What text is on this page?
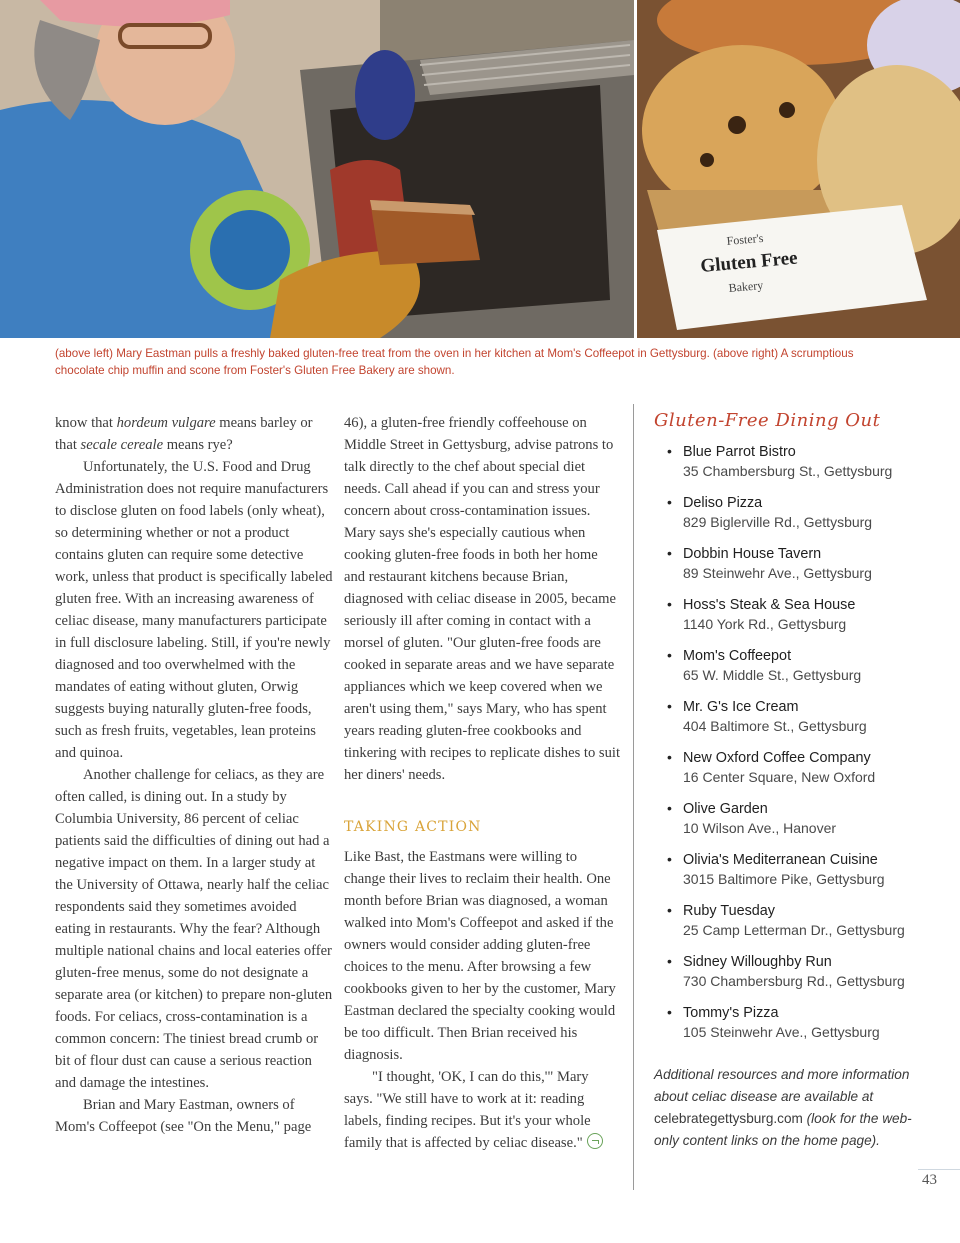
Foster's
Gluten Free
Bakery
(above left) Mary Eastman pulls a freshly baked gluten-free treat from the oven in her kitchen at Mom's Coffeepot in Gettysburg. (above right) A scrumptious chocolate chip muffin and scone from Foster's Gluten Free Bakery are shown.

know that hordeum vulgare means barley or that secale cereale means rye?

Unfortunately, the U.S. Food and Drug Administration does not require manufacturers to disclose gluten on food labels (only wheat), so determining whether or not a product contains gluten can require some detective work, unless that product is specifically labeled gluten free. With an increasing awareness of celiac disease, many manufacturers participate in full disclosure labeling. Still, if you're newly diagnosed and too overwhelmed with the mandates of eating without gluten, Orwig suggests buying naturally gluten-free foods, such as fresh fruits, vegetables, lean proteins and quinoa.

Another challenge for celiacs, as they are often called, is dining out. In a study by Columbia University, 86 percent of celiac patients said the difficulties of dining out had a negative impact on them. In a larger study at the University of Ottawa, nearly half the celiac respondents said they sometimes avoided eating in restaurants. Why the fear? Although multiple national chains and local eateries offer gluten-free menus, some do not designate a separate area (or kitchen) to prepare non-gluten foods. For celiacs, cross-contamination is a common concern: The tiniest bread crumb or bit of flour dust can cause a serious reaction and damage the intestines.

Brian and Mary Eastman, owners of Mom's Coffeepot (see "On the Menu," page

46), a gluten-free friendly coffeehouse on Middle Street in Gettysburg, advise patrons to talk directly to the chef about special diet needs. Call ahead if you can and stress your concern about cross-contamination issues. Mary says she's especially cautious when cooking gluten-free foods in both her home and restaurant kitchens because Brian, diagnosed with celiac disease in 2005, became seriously ill after coming in contact with a morsel of gluten. "Our gluten-free foods are cooked in separate areas and we have separate appliances which we keep covered when we aren't using them," says Mary, who has spent years reading gluten-free cookbooks and tinkering with recipes to replicate dishes to suit her diners' needs.

TAKING ACTION

Like Bast, the Eastmans were willing to change their lives to reclaim their health. One month before Brian was diagnosed, a woman walked into Mom's Coffeepot and asked if the owners would consider adding gluten-free choices to the menu. After browsing a few cookbooks given to her by the customer, Mary Eastman declared the specialty cooking would be too difficult. Then Brian received his diagnosis.

"I thought, 'OK, I can do this,'" Mary says. "We still have to work at it: reading labels, finding recipes. But it's your whole family that is affected by celiac disease."

Gluten-Free Dining Out
• Blue Parrot Bistro
35 Chambersburg St., Gettysburg
• Deliso Pizza
829 Biglerville Rd., Gettysburg
• Dobbin House Tavern
89 Steinwehr Ave., Gettysburg
• Hoss's Steak & Sea House
1140 York Rd., Gettysburg
• Mom's Coffeepot
65 W. Middle St., Gettysburg
• Mr. G's Ice Cream
404 Baltimore St., Gettysburg
• New Oxford Coffee Company
16 Center Square, New Oxford
• Olive Garden
10 Wilson Ave., Hanover
• Olivia's Mediterranean Cuisine
3015 Baltimore Pike, Gettysburg
• Ruby Tuesday
25 Camp Letterman Dr., Gettysburg
• Sidney Willoughby Run
730 Chambersburg Rd., Gettysburg
• Tommy's Pizza
105 Steinwehr Ave., Gettysburg

Additional resources and more information about celiac disease are available at celebrategettysburg.com (look for the web-only content links on the home page).

43
